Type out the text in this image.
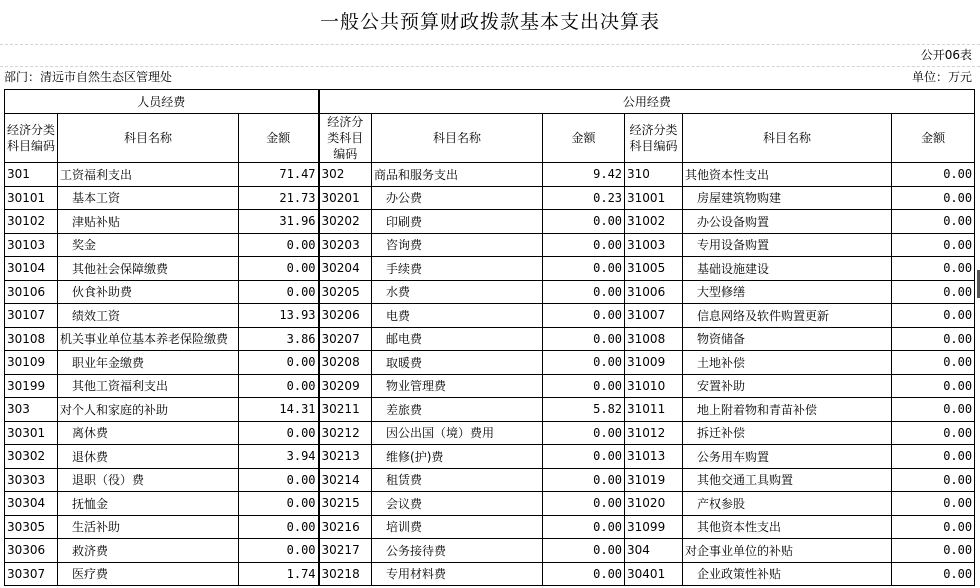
一般公共预算财政拨款基本支出决算表
公开06表
部门：清远市自然生态区管理处	单位：万元
人员经费			公用经费					
经济分类科目编码	科目名称	金额	经济分类科目编码	科目名称	金额	经济分类科目编码	科目名称	金额
301	工资福利支出	71.47	302	商品和服务支出	9.42	310	其他资本性支出	0.00
30101	基本工资	21.73	30201	办公费	0.23	31001	房屋建筑物购建	0.00
30102	津贴补贴	31.96	30202	印刷费	0.00	31002	办公设备购置	0.00
30103	奖金	0.00	30203	咨询费	0.00	31003	专用设备购置	0.00
30104	其他社会保障缴费	0.00	30204	手续费	0.00	31005	基础设施建设	0.00
30106	伙食补助费	0.00	30205	水费	0.00	31006	大型修缮	0.00
30107	绩效工资	13.93	30206	电费	0.00	31007	信息网络及软件购置更新	0.00
30108	机关事业单位基本养老保险缴费	3.86	30207	邮电费	0.00	31008	物资储备	0.00
30109	职业年金缴费	0.00	30208	取暖费	0.00	31009	土地补偿	0.00
30199	其他工资福利支出	0.00	30209	物业管理费	0.00	31010	安置补助	0.00
303	对个人和家庭的补助	14.31	30211	差旅费	5.82	31011	地上附着物和青苗补偿	0.00
30301	离休费	0.00	30212	因公出国（境）费用	0.00	31012	拆迁补偿	0.00
30302	退休费	3.94	30213	维修(护)费	0.00	31013	公务用车购置	0.00
30303	退职（役）费	0.00	30214	租赁费	0.00	31019	其他交通工具购置	0.00
30304	抚恤金	0.00	30215	会议费	0.00	31020	产权参股	0.00
30305	生活补助	0.00	30216	培训费	0.00	31099	其他资本性支出	0.00
30306	救济费	0.00	30217	公务接待费	0.00	304	对企事业单位的补贴	0.00
30307	医疗费	1.74	30218	专用材料费	0.00	30401	企业政策性补贴	0.00
